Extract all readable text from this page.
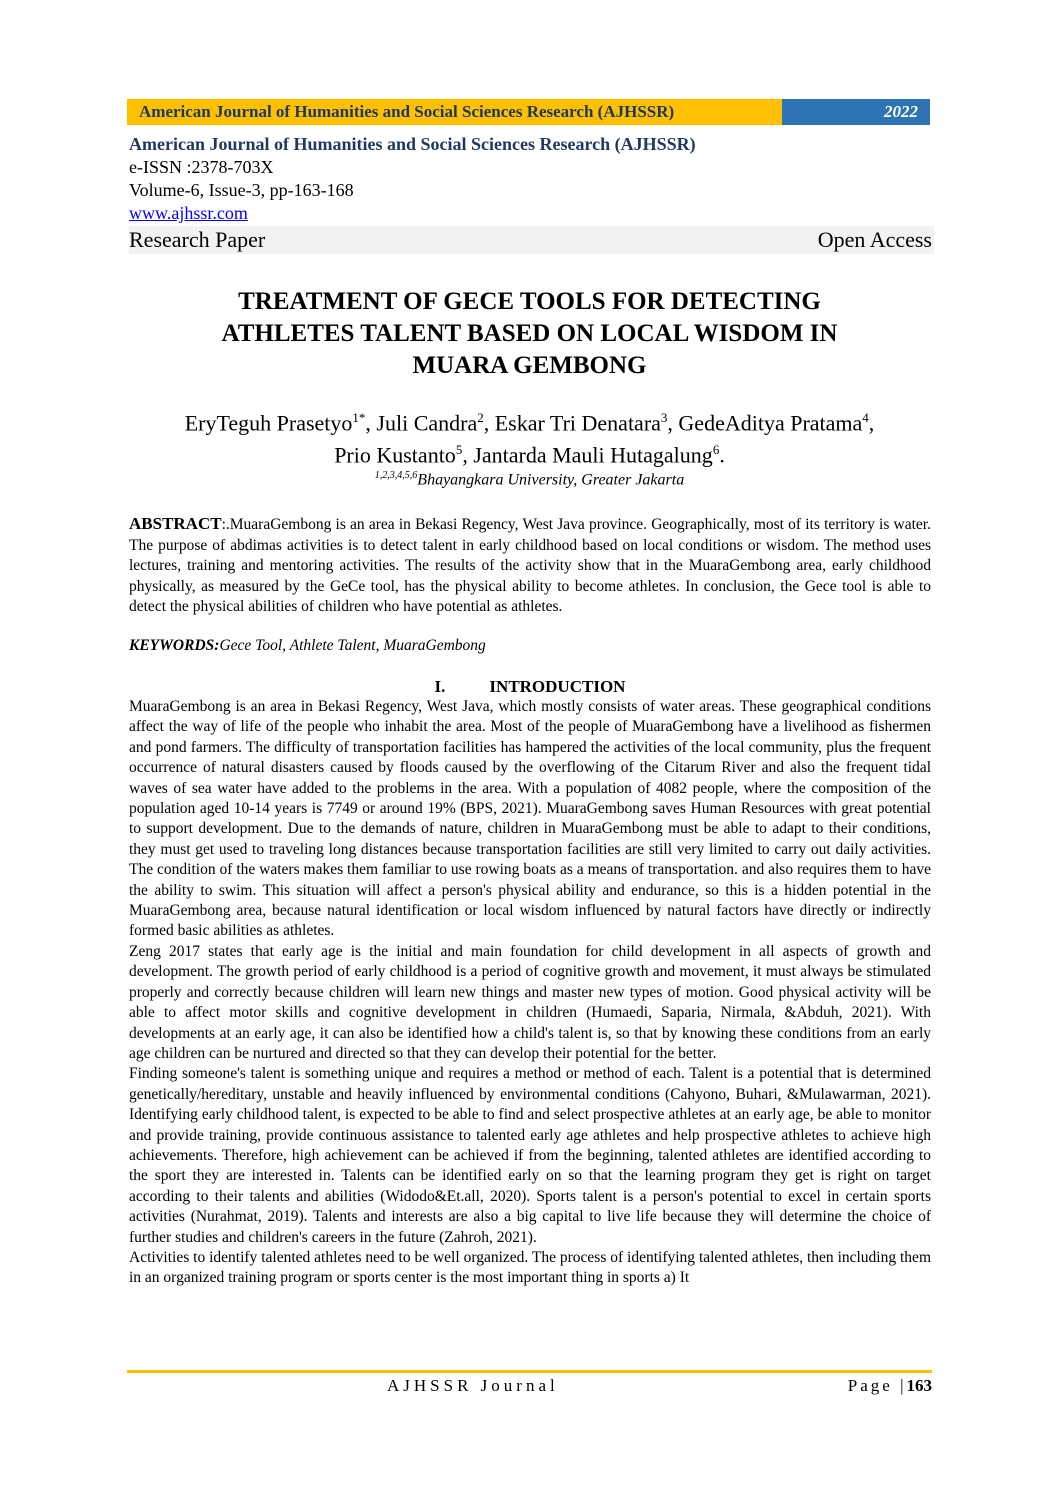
American Journal of Humanities and Social Sciences Research (AJHSSR)	2022
American Journal of Humanities and Social Sciences Research (AJHSSR)
e-ISSN :2378-703X
Volume-6, Issue-3, pp-163-168
www.ajhssr.com
Research Paper	Open Access
TREATMENT OF GECE TOOLS FOR DETECTING
ATHLETES TALENT BASED ON LOCAL WISDOM IN
MUARA GEMBONG
EryTeguh Prasetyo$^{1*}$, Juli Candra$^2$, Eskar Tri Denatara$^3$, GedeAditya Pratama$^4$,
Prio Kustanto$^5$, Jantarda Mauli Hutagalung$^6$.
$^{1,2,3,4,5,6}$Bhayangkara University, Greater Jakarta
ABSTRACT:.MuaraGembong is an area in Bekasi Regency, West Java province. Geographically, most of its territory is water. The purpose of abdimas activities is to detect talent in early childhood based on local conditions or wisdom. The method uses lectures, training and mentoring activities. The results of the activity show that in the MuaraGembong area, early childhood physically, as measured by the GeCe tool, has the physical ability to become athletes. In conclusion, the Gece tool is able to detect the physical abilities of children who have potential as athletes.
KEYWORDS:Gece Tool, Athlete Talent, MuaraGembong
I.	INTRODUCTION

MuaraGembong is an area in Bekasi Regency, West Java, which mostly consists of water areas. These geographical conditions affect the way of life of the people who inhabit the area. Most of the people of MuaraGembong have a livelihood as fishermen and pond farmers. The difficulty of transportation facilities has hampered the activities of the local community, plus the frequent occurrence of natural disasters caused by floods caused by the overflowing of the Citarum River and also the frequent tidal waves of sea water have added to the problems in the area. With a population of 4082 people, where the composition of the population aged 10-14 years is 7749 or around 19% (BPS, 2021). MuaraGembong saves Human Resources with great potential to support development. Due to the demands of nature, children in MuaraGembong must be able to adapt to their conditions, they must get used to traveling long distances because transportation facilities are still very limited to carry out daily activities. The condition of the waters makes them familiar to use rowing boats as a means of transportation. and also requires them to have the ability to swim. This situation will affect a person's physical ability and endurance, so this is a hidden potential in the MuaraGembong area, because natural identification or local wisdom influenced by natural factors have directly or indirectly formed basic abilities as athletes.

Zeng 2017 states that early age is the initial and main foundation for child development in all aspects of growth and development. The growth period of early childhood is a period of cognitive growth and movement, it must always be stimulated properly and correctly because children will learn new things and master new types of motion. Good physical activity will be able to affect motor skills and cognitive development in children (Humaedi, Saparia, Nirmala, &Abduh, 2021). With developments at an early age, it can also be identified how a child's talent is, so that by knowing these conditions from an early age children can be nurtured and directed so that they can develop their potential for the better.

Finding someone's talent is something unique and requires a method or method of each. Talent is a potential that is determined genetically/hereditary, unstable and heavily influenced by environmental conditions (Cahyono, Buhari, &Mulawarman, 2021). Identifying early childhood talent, is expected to be able to find and select prospective athletes at an early age, be able to monitor and provide training, provide continuous assistance to talented early age athletes and help prospective athletes to achieve high achievements. Therefore, high achievement can be achieved if from the beginning, talented athletes are identified according to the sport they are interested in. Talents can be identified early on so that the learning program they get is right on target according to their talents and abilities (Widodo&Et.all, 2020). Sports talent is a person's potential to excel in certain sports activities (Nurahmat, 2019). Talents and interests are also a big capital to live life because they will determine the choice of further studies and children's careers in the future (Zahroh, 2021).

Activities to identify talented athletes need to be well organized. The process of identifying talented athletes, then including them in an organized training program or sports center is the most important thing in sports a) It

AJHSSR Journal	Page |163
